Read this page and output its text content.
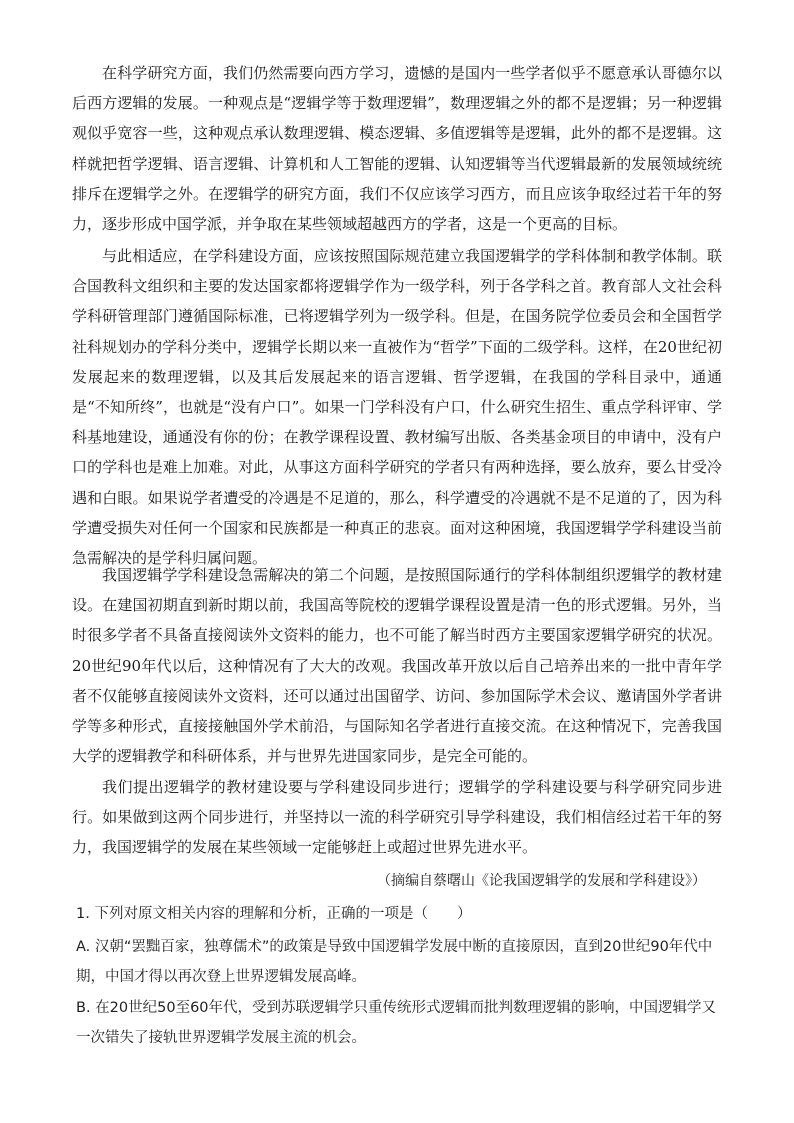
在科学研究方面，我们仍然需要向西方学习，遗憾的是国内一些学者似乎不愿意承认哥德尔以后西方逻辑的发展。一种观点是“逻辑学等于数理逻辑”，数理逻辑之外的都不是逻辑；另一种逻辑观似乎宽容一些，这种观点承认数理逻辑、模态逻辑、多值逻辑等是逻辑，此外的都不是逻辑。这样就把哲学逻辑、语言逻辑、计算机和人工智能的逻辑、认知逻辑等当代逻辑最新的发展领域统统排斥在逻辑学之外。在逻辑学的研究方面，我们不仅应该学习西方，而且应该争取经过若干年的努力，逐步形成中国学派，并争取在某些领域超越西方的学者，这是一个更高的目标。

与此相适应，在学科建设方面，应该按照国际规范建立我国逻辑学的学科体制和教学体制。联合国教科文组织和主要的发达国家都将逻辑学作为一级学科，列于各学科之首。教育部人文社会科学科研管理部门遵循国际标准，已将逻辑学列为一级学科。但是，在国务院学位委员会和全国哲学社科规划办的学科分类中，逻辑学长期以来一直被作为“哲学”下面的二级学科。这样，在20世纪初发展起来的数理逻辑，以及其后发展起来的语言逻辑、哲学逻辑，在我国的学科目录中，通通是“不知所终”，也就是“没有户口”。如果一门学科没有户口，什么研究生招生、重点学科评审、学科基地建设，通通没有你的份；在教学课程设置、教材编写出版、各类基金项目的申请中，没有户口的学科也是难上加难。对此，从事这方面科学研究的学者只有两种选择，要么放弃，要么甘受冷遇和白眼。如果说学者遭受的冷遇是不足道的，那么，科学遭受的冷遇就不是不足道的了，因为科学遭受损失对任何一个国家和民族都是一种真正的悲哀。面对这种困境，我国逻辑学学科建设当前急需解决的是学科归属问题。

我国逻辑学学科建设急需解决的第二个问题，是按照国际通行的学科体制组织逻辑学的教材建设。在建国初期直到新时期以前，我国高等院校的逻辑学课程设置是清一色的形式逻辑。另外，当时很多学者不具备直接阅读外文资料的能力，也不可能了解当时西方主要国家逻辑学研究的状况。20世纪90年代以后，这种情况有了大大的改观。我国改革开放以后自己培养出来的一批中青年学者不仅能够直接阅读外文资料，还可以通过出国留学、访问、参加国际学术会议、邀请国外学者讲学等多种形式，直接接触国外学术前沿，与国际知名学者进行直接交流。在这种情况下，完善我国大学的逻辑教学和科研体系，并与世界先进国家同步，是完全可能的。

我们提出逻辑学的教材建设要与学科建设同步进行；逻辑学的学科建设要与科学研究同步进行。如果做到这两个同步进行，并坚持以一流的科学研究引导学科建设，我们相信经过若干年的努力，我国逻辑学的发展在某些领域一定能够赶上或超过世界先进水平。

（摘编自蔡曙山《论我国逻辑学的发展和学科建设》）

1. 下列对原文相关内容的理解和分析，正确的一项是（　　）

A. 汉朝“罢黜百家，独尊儒术”的政策是导致中国逻辑学发展中断的直接原因，直到20世纪90年代中期，中国才得以再次登上世界逻辑发展高峰。

B. 在20世纪50至60年代，受到苏联逻辑学只重传统形式逻辑而批判数理逻辑的影响，中国逻辑学又一次错失了接轨世界逻辑学发展主流的机会。
